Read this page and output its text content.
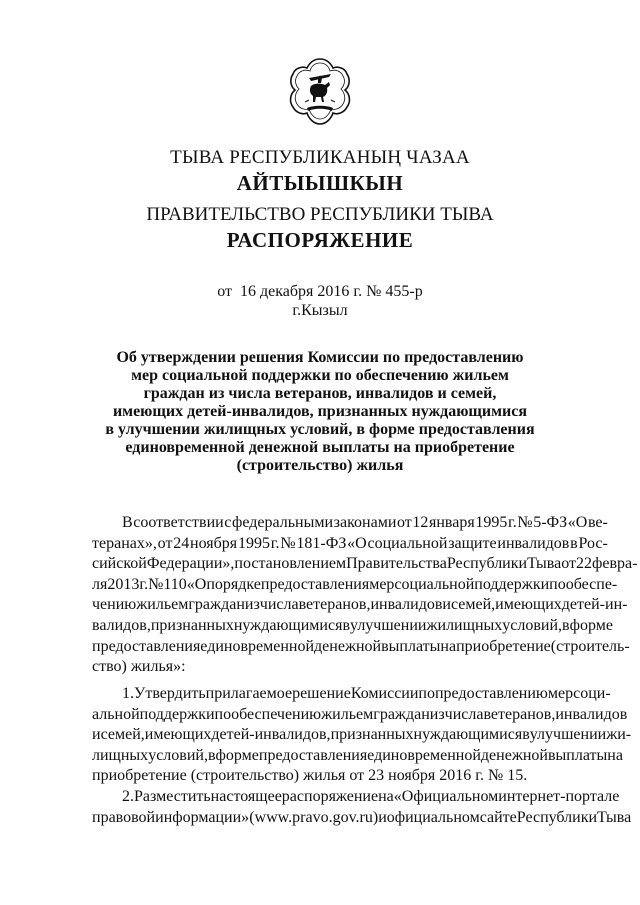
ТЫВА РЕСПУБЛИКАНЫҢ ЧАЗАА
АЙТЫЫШКЫН
ПРАВИТЕЛЬСТВО РЕСПУБЛИКИ ТЫВА
РАСПОРЯЖЕНИЕ
от  16 декабря 2016 г. № 455-р
г.Кызыл
Об утверждении решения Комиссии по предоставлению
мер социальной поддержки по обеспечению жильем
граждан из числа ветеранов, инвалидов и семей,
имеющих детей-инвалидов, признанных нуждающимися
в улучшении жилищных условий, в форме предоставления
единовременной денежной выплаты на приобретение
(строительство) жилья
В соответствии с федеральными законами от 12 января 1995 г. № 5-ФЗ «О ве-
теранах», от 24 ноября 1995 г. № 181-ФЗ «О социальной защите инвалидов в Рос-
сийской Федерации», постановлением Правительства Республики Тыва от 22 феврa-
ля 2013 г. № 110 «О порядке предоставления мер социальной поддержки по обеспе-
чению жильем граждан из числа ветеранов, инвалидов и семей, имеющих детей-ин-
валидов, признанных нуждающимися в улучшении жилищных условий, в форме
предоставления единовременной денежной выплаты на приобретение (строитель-
ство) жилья»:
1. Утвердить прилагаемое решение Комиссии по предоставлению мер соци-
альной поддержки по обеспечению жильем граждан из числа ветеранов, инвалидов
и семей, имеющих детей-инвалидов, признанных нуждающимися в улучшении жи-
лищных условий, в форме предоставления единовременной денежной выплаты на
приобретение (строительство) жилья от 23 ноября 2016 г. № 15.
2. Разместить настоящее распоряжение на «Официальном интернет-портале
правовой информации» (www.pravo.gov.ru) и официальном сайте Республики Тыва
